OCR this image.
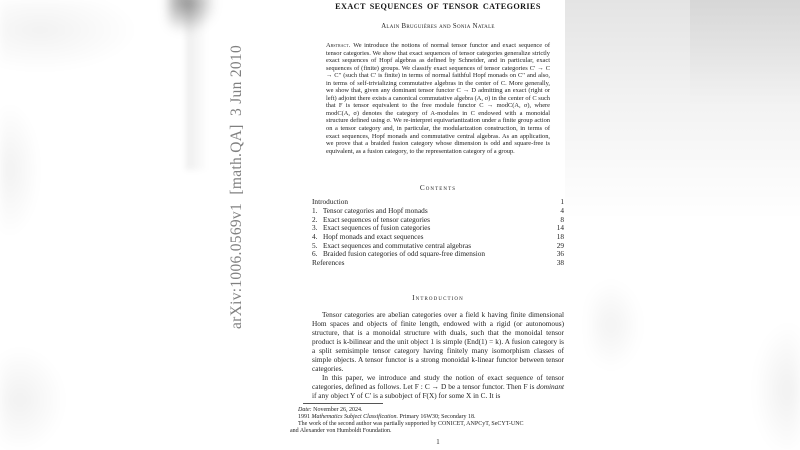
arXiv:1006.0569v1  [math.QA]  3 Jun 2010
EXACT SEQUENCES OF TENSOR CATEGORIES
Alain Bruguières and Sonia Natale
Abstract. We introduce the notions of normal tensor functor and exact sequence of tensor categories. We show that exact sequences of tensor categories generalize strictly exact sequences of Hopf algebras as defined by Schneider, and in particular, exact sequences of (finite) groups. We classify exact sequences of tensor categories C′ → C → C′′ (such that C′ is finite) in terms of normal faithful Hopf monads on C′′ and also, in terms of self-trivializing commutative algebras in the center of C. More generally, we show that, given any dominant tensor functor C → D admitting an exact (right or left) adjoint there exists a canonical commutative algebra (A, σ) in the center of C such that F is tensor equivalent to the free module functor C → modC(A, σ), where modC(A, σ) denotes the category of A-modules in C endowed with a monoidal structure defined using σ. We re-interpret equivariantization under a finite group action on a tensor category and, in particular, the modularization construction, in terms of exact sequences, Hopf monads and commutative central algebras. As an application, we prove that a braided fusion category whose dimension is odd and square-free is equivalent, as a fusion category, to the representation category of a group.
Contents
Introduction	1
1.   Tensor categories and Hopf monads	4
2.   Exact sequences of tensor categories	8
3.   Exact sequences of fusion categories	14
4.   Hopf monads and exact sequences	18
5.   Exact sequences and commutative central algebras	29
6.   Braided fusion categories of odd square-free dimension	36
References	38
Introduction
Tensor categories are abelian categories over a field k having finite dimensional Hom spaces and objects of finite length, endowed with a rigid (or autonomous) structure, that is a monoidal structure with duals, such that the monoidal tensor product is k-bilinear and the unit object 1 is simple (End(1) = k). A fusion category is a split semisimple tensor category having finitely many isomorphism classes of simple objects. A tensor functor is a strong monoidal k-linear functor between tensor categories.
In this paper, we introduce and study the notion of exact sequence of tensor categories, defined as follows. Let F : C → D be a tensor functor. Then F is dominant if any object Y of C′ is a subobject of F(X) for some X in C. It is
Date: November 26, 2024.
1991 Mathematics Subject Classification. Primary 16W30; Secondary 18.
The work of the second author was partially supported by CONICET, ANPCyT, SeCYT-UNC
and Alexander von Humboldt Foundation.
1
